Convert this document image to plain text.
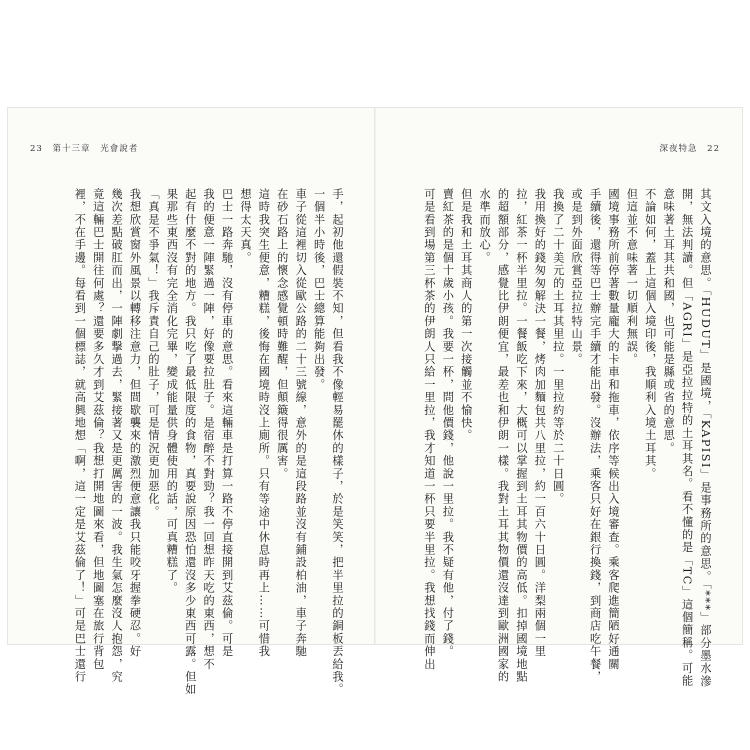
23 第十三章 光會說者	深夜特急 22
手，起初他還假裝不知，但看我不像輕易罷休的樣子，於是笑笑，把半里拉的銅板丟給我。
一個半小時後，巴士總算能夠出發。
車子從這裡切入從歐公路的二十三號線，意外的是這段路並沒有鋪設柏油，車子奔馳
在砂石路上的懷念感覺頓時難醒，但顛簸得很厲害。
這時我突生便意，糟糕，後悔在國境時沒上廁所。只有等途中休息時再上……可惜我
想得太天真。
巴士一路奔馳，沒有停車的意思。看來這輛車是打算一路不停直接開到艾茲倫。可是
我的便意一陣緊過一陣，好像要拉肚子。是宿醉不對勁？我一回想昨天吃的東西，想不
起有什麼不對的地方。我只吃了最低限度的食物，真要說原因恐怕還沒多少東西可露。但如
果那些東西沒有完全消化完畢，變成能量供身體使用的話，可真糟糕了。
「真是不爭氣！」我斥責自己的肚子，可是情況更加惡化。
我想欣賞窗外風景以轉移注意力，但間歇襲來的激烈便意讓我只能咬牙握拳硬忍。好
幾次差點破肛而出，一陣劇撃過去，緊接著又是更厲害的一波。我生氣怎麼沒人抱怨，究
竟這輛巴士開往何處？還要多久才到艾茲倫？我想打開地圖來看，但地圖塞在旅行背包
裡，不在手邊。每看到一個標誌，就高興地想「啊，這一定是艾茲倫了！」可是巴士還行	其文入境的意思。「HUDUT」是國境，「KAPISI」是事務所的意思。「***」部分墨水滲
開，無法判讀。但「AGRI」是亞拉拉特的土耳其名。看不懂的是「TC」這個簡稱。可能
意味著土耳其共和國，也可能是縣或省的意思。
不論如何，蓋上這個入境印後，我順利入境土耳其。
但這並不意味著一切順利無誤。
國境事務所前停著數量龐大的卡車和拖車，依序等候出入境審查。乘客爬進簡陋好通關
手續後，還得等巴士辦完手續才能出發。沒辦法，乘客只好在銀行換錢，到商店吃午餐，
或是到外面欣賞亞拉拉特山景。
我換了二十美元的土耳其里拉。一里拉約等於二十日圓。
我用換好的錢匆匆解決一餐，烤肉加麵包共八里拉，約一百六十日圓。洋梨兩個一里
拉，紅茶一杯半里拉。一餐飯吃下來，大概可以掌握到土耳其物價的高低。扣掉國境地點
的超額部分，感覺比伊朗便宜，最差也和伊朗一樣。我對土耳其物價還沒達到歐洲國家的
水準而放心。
但是我和土耳其商人的第一次接觸並不愉快。
賣紅茶的是個十歲小孩。我要一杯，問他價錢，他說一里拉。我不疑有他，付了錢。
可是看到場第三杯茶的伊朗人只給一里拉，我才知道一杯只要半里拉。我想找錢而伸出
